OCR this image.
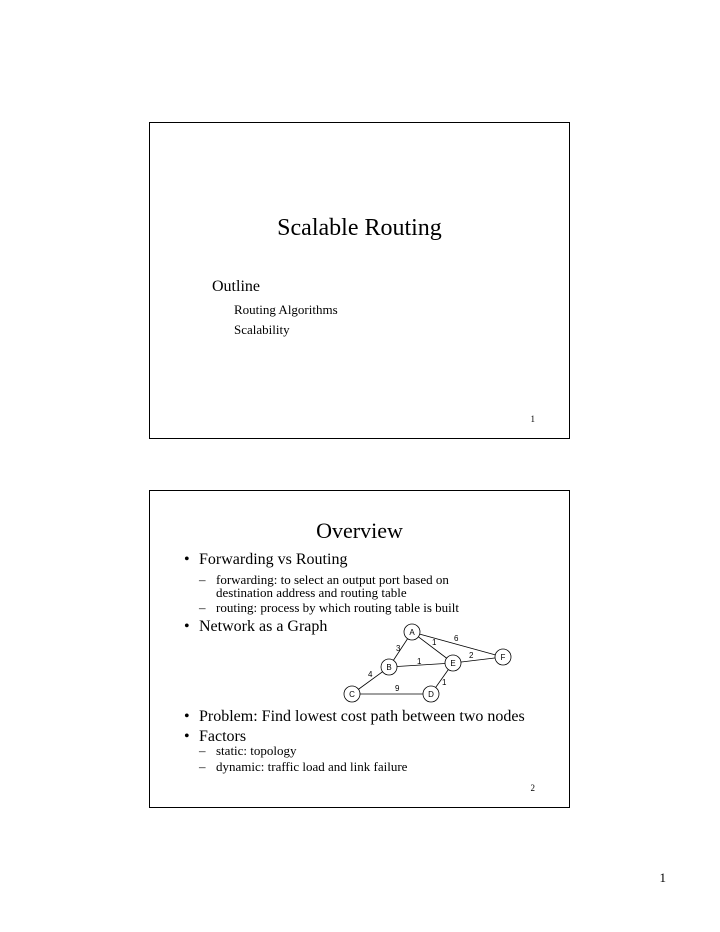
Scalable Routing
Outline
Routing Algorithms
Scalability
1
Overview
• Forwarding vs Routing
– forwarding: to select an output port based on
destination address and routing table
– routing: process by which routing table is built
• Network as a Graph
6
1
3
2
1
4
1
9
A
B
C	D
E
F
• Problem: Find lowest cost path between two nodes
• Factors
– static: topology
– dynamic: traffic load and link failure
2
1
